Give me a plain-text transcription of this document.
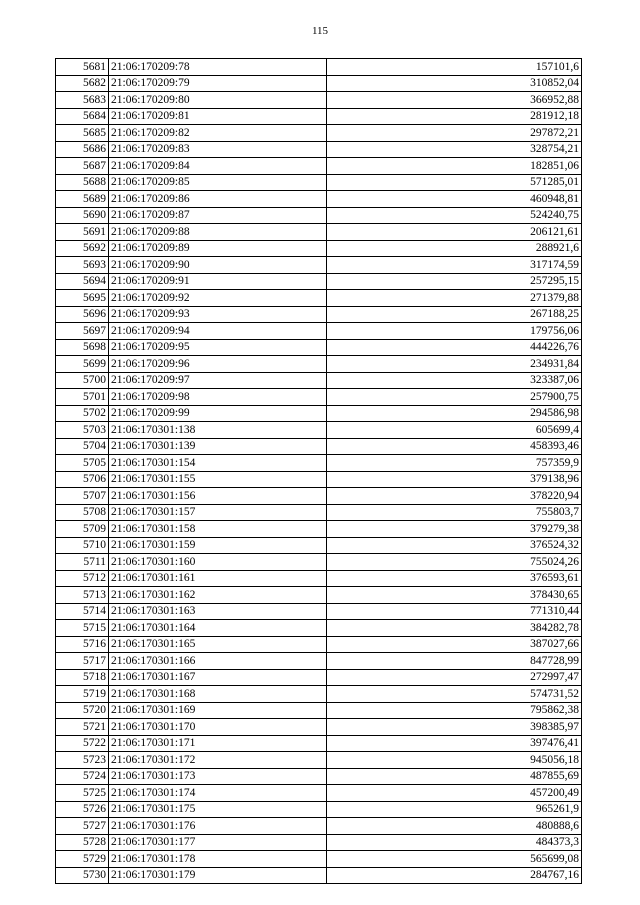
115
5681	21:06:170209:78	157101,6
5682	21:06:170209:79	310852,04
5683	21:06:170209:80	366952,88
5684	21:06:170209:81	281912,18
5685	21:06:170209:82	297872,21
5686	21:06:170209:83	328754,21
5687	21:06:170209:84	182851,06
5688	21:06:170209:85	571285,01
5689	21:06:170209:86	460948,81
5690	21:06:170209:87	524240,75
5691	21:06:170209:88	206121,61
5692	21:06:170209:89	288921,6
5693	21:06:170209:90	317174,59
5694	21:06:170209:91	257295,15
5695	21:06:170209:92	271379,88
5696	21:06:170209:93	267188,25
5697	21:06:170209:94	179756,06
5698	21:06:170209:95	444226,76
5699	21:06:170209:96	234931,84
5700	21:06:170209:97	323387,06
5701	21:06:170209:98	257900,75
5702	21:06:170209:99	294586,98
5703	21:06:170301:138	605699,4
5704	21:06:170301:139	458393,46
5705	21:06:170301:154	757359,9
5706	21:06:170301:155	379138,96
5707	21:06:170301:156	378220,94
5708	21:06:170301:157	755803,7
5709	21:06:170301:158	379279,38
5710	21:06:170301:159	376524,32
5711	21:06:170301:160	755024,26
5712	21:06:170301:161	376593,61
5713	21:06:170301:162	378430,65
5714	21:06:170301:163	771310,44
5715	21:06:170301:164	384282,78
5716	21:06:170301:165	387027,66
5717	21:06:170301:166	847728,99
5718	21:06:170301:167	272997,47
5719	21:06:170301:168	574731,52
5720	21:06:170301:169	795862,38
5721	21:06:170301:170	398385,97
5722	21:06:170301:171	397476,41
5723	21:06:170301:172	945056,18
5724	21:06:170301:173	487855,69
5725	21:06:170301:174	457200,49
5726	21:06:170301:175	965261,9
5727	21:06:170301:176	480888,6
5728	21:06:170301:177	484373,3
5729	21:06:170301:178	565699,08
5730	21:06:170301:179	284767,16
